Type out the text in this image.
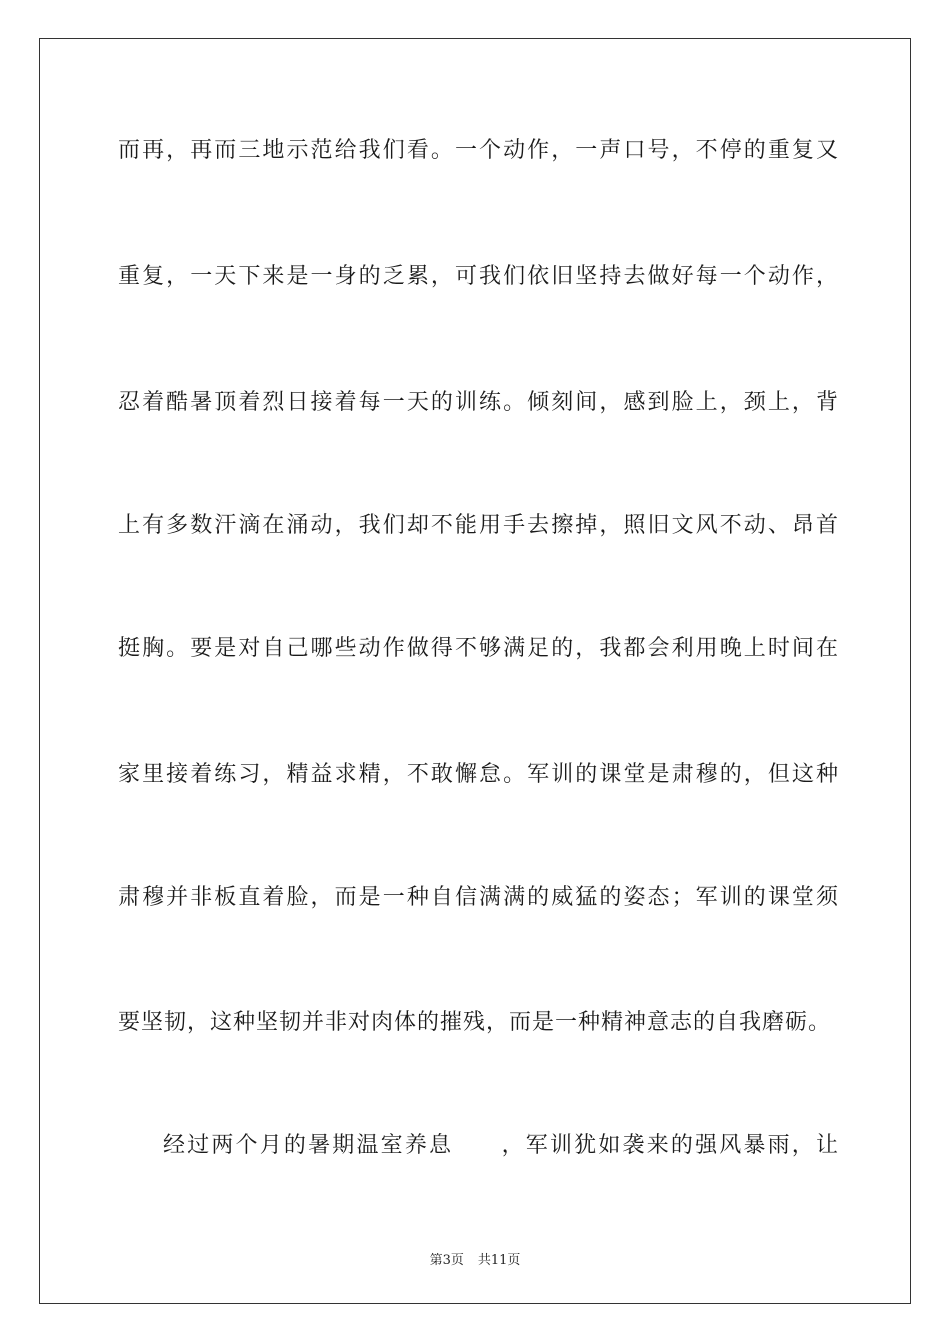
而再，再而三地示范给我们看。一个动作，一声口号，不停的重复又

重复，一天下来是一身的乏累，可我们依旧坚持去做好每一个动作，

忍着酷暑顶着烈日接着每一天的训练。倾刻间，感到脸上，颈上，背

上有多数汗滴在涌动，我们却不能用手去擦掉，照旧文风不动、昂首

挺胸。要是对自己哪些动作做得不够满足的，我都会利用晚上时间在

家里接着练习，精益求精，不敢懈怠。军训的课堂是肃穆的，但这种

肃穆并非板直着脸，而是一种自信满满的威猛的姿态；军训的课堂须

要坚韧，这种坚韧并非对肉体的摧残，而是一种精神意志的自我磨砺。

经过两个月的暑期温室养息　　，军训犹如袭来的强风暴雨，让

第3页 共11页
